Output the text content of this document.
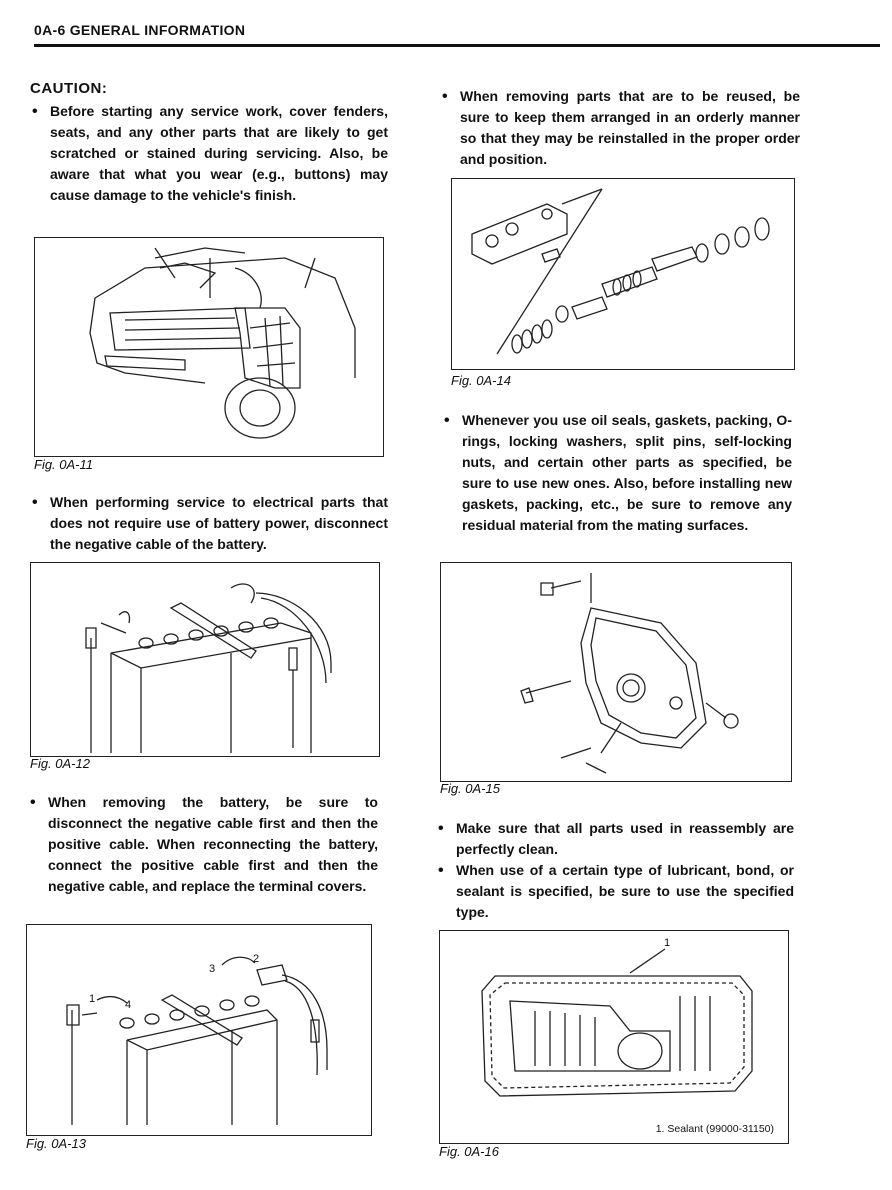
0A-6 GENERAL INFORMATION
CAUTION:
• Before starting any service work, cover fenders, seats, and any other parts that are likely to get scratched or stained during servicing. Also, be aware that what you wear (e.g., buttons) may cause damage to the vehicle's finish.
Fig. 0A-11
• When performing service to electrical parts that does not require use of battery power, disconnect the negative cable of the battery.
Fig. 0A-12
• When removing the battery, be sure to disconnect the negative cable first and then the positive cable. When reconnecting the battery, connect the positive cable first and then the negative cable, and replace the terminal covers.
1
2
3
4
Fig. 0A-13
• When removing parts that are to be reused, be sure to keep them arranged in an orderly manner so that they may be reinstalled in the proper order and position.
Fig. 0A-14
• Whenever you use oil seals, gaskets, packing, O-rings, locking washers, split pins, self-locking nuts, and certain other parts as specified, be sure to use new ones. Also, before installing new gaskets, packing, etc., be sure to remove any residual material from the mating surfaces.
Fig. 0A-15
• Make sure that all parts used in reassembly are perfectly clean.
• When use of a certain type of lubricant, bond, or sealant is specified, be sure to use the specified type.
1
1. Sealant (99000-31150)
Fig. 0A-16
